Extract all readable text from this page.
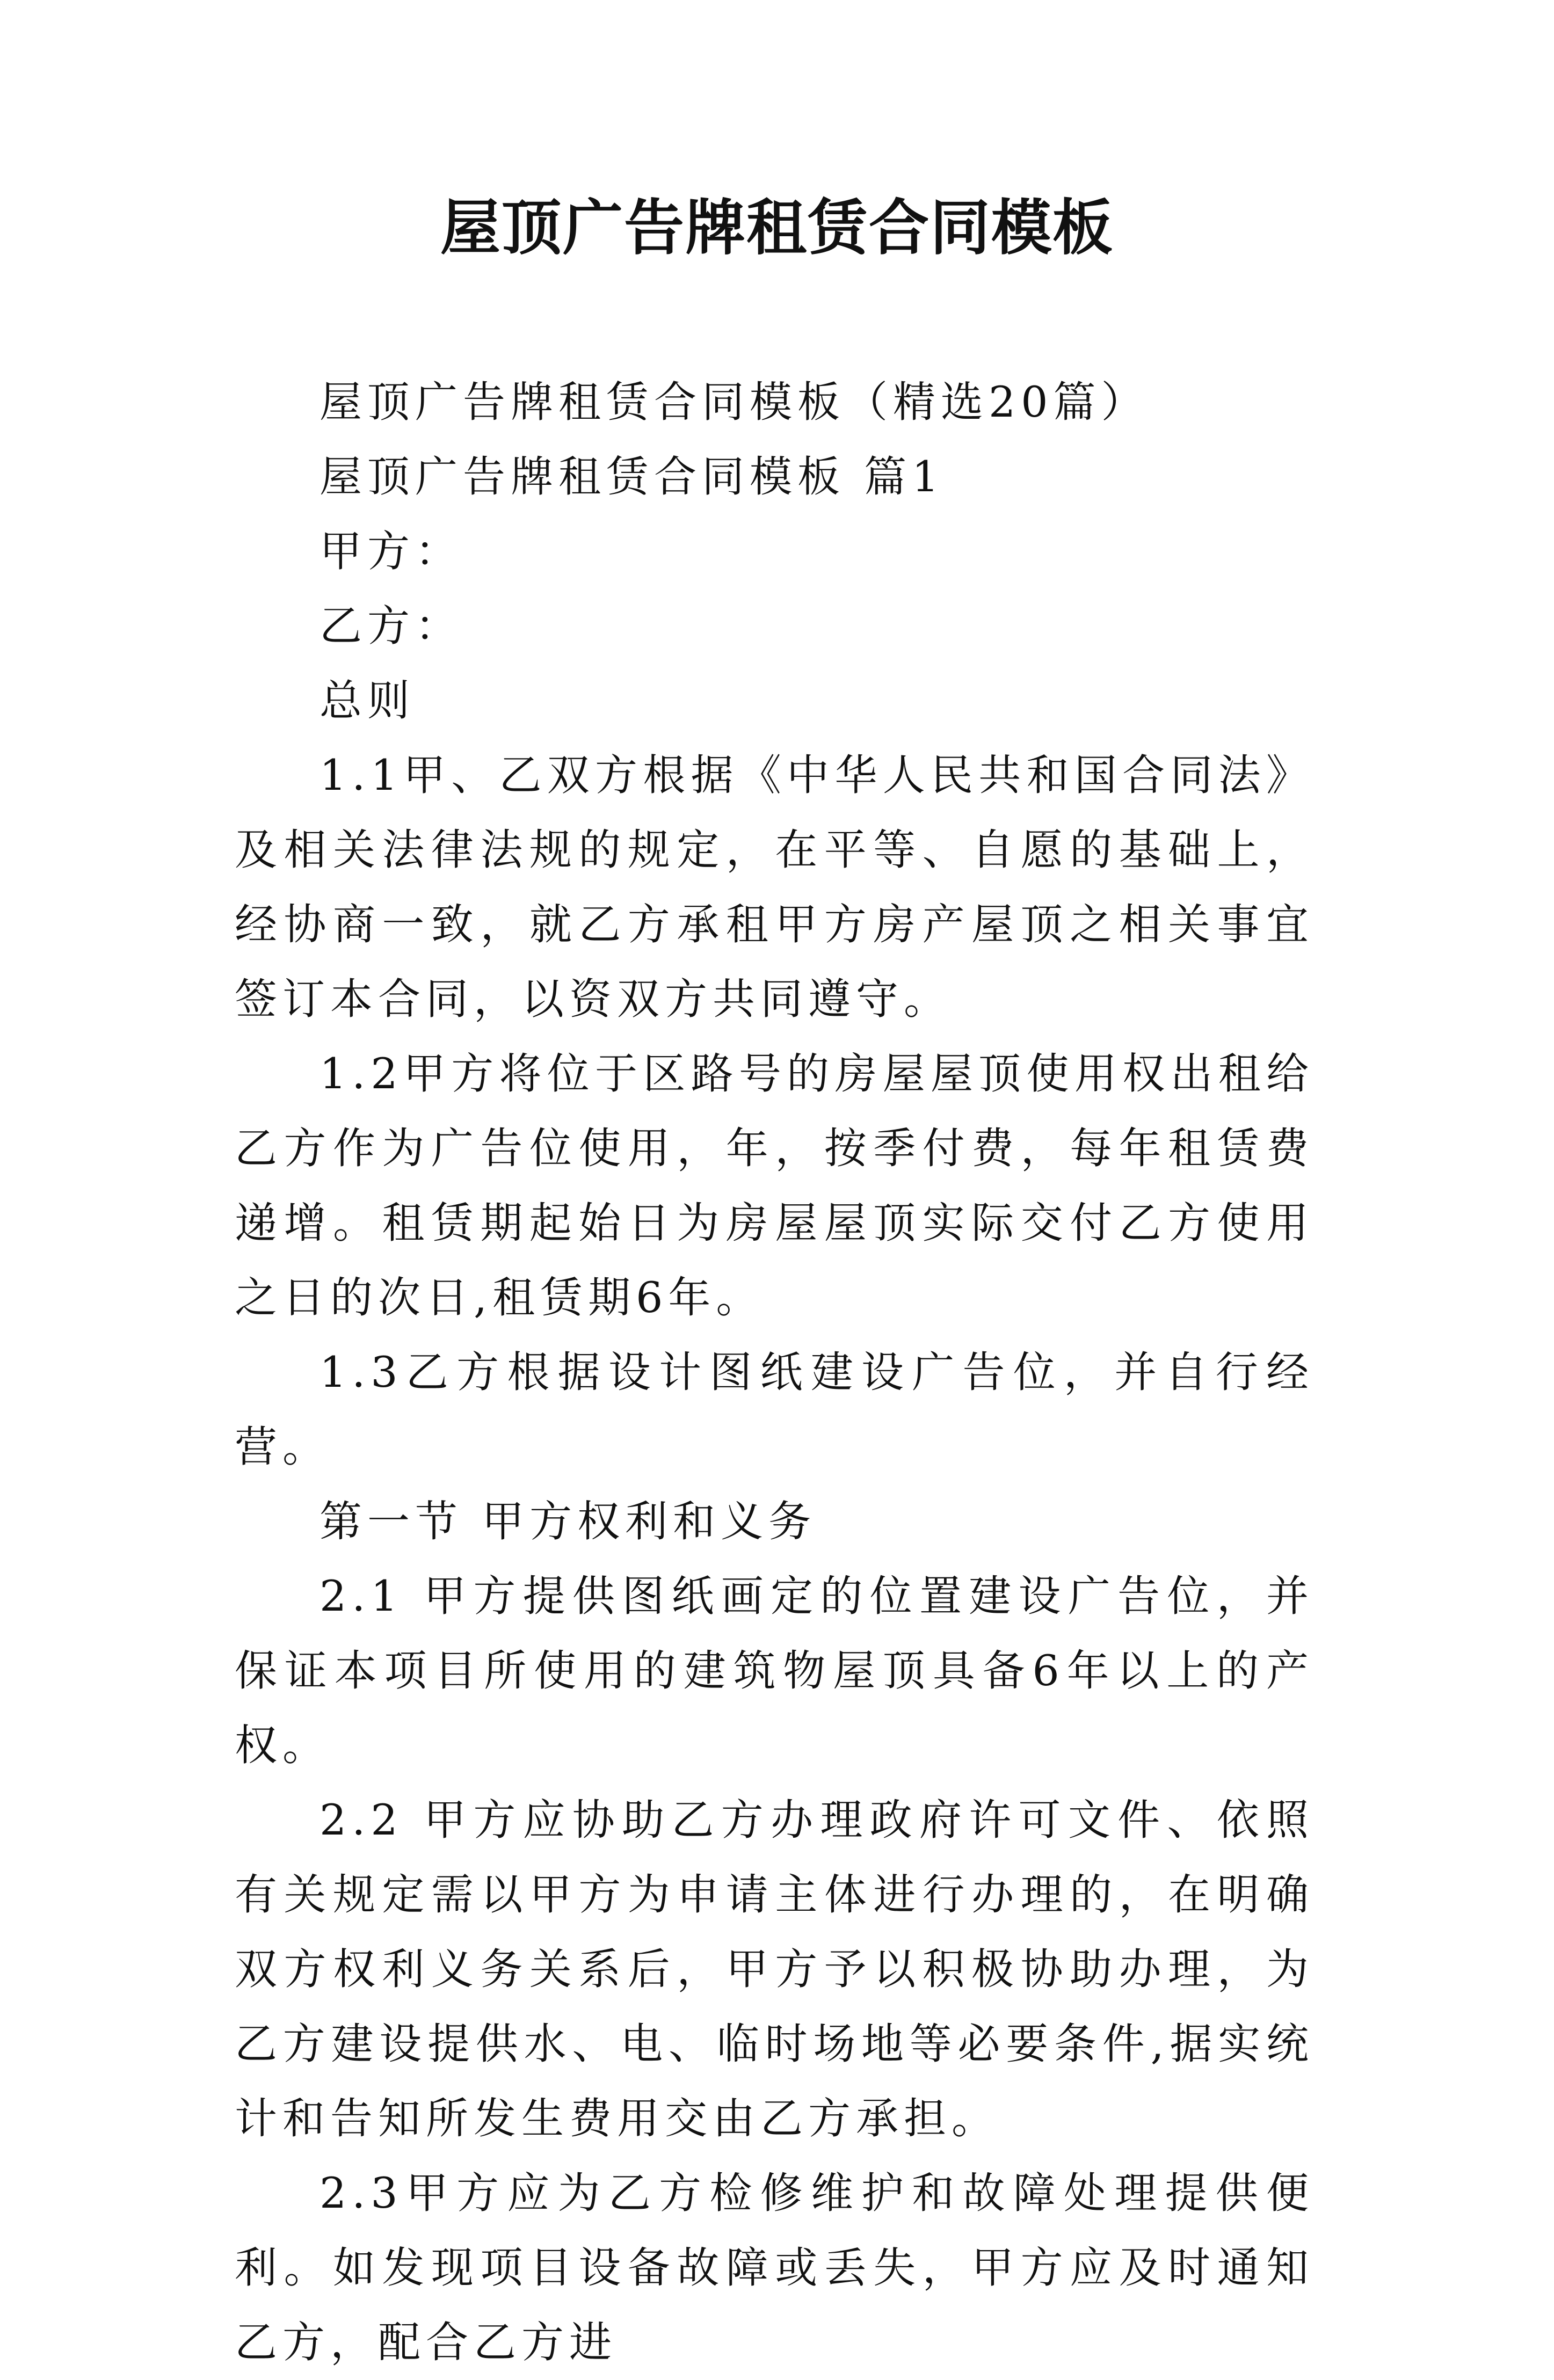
屋顶广告牌租赁合同模板

屋顶广告牌租赁合同模板（精选20篇）

屋顶广告牌租赁合同模板 篇1

甲方：

乙方：

总则

1.1甲、乙双方根据《中华人民共和国合同法》及相关法律法规的规定，在平等、自愿的基础上，经协商一致，就乙方承租甲方房产屋顶之相关事宜签订本合同，以资双方共同遵守。

1.2甲方将位于区路号的房屋屋顶使用权出租给乙方作为广告位使用，年，按季付费，每年租赁费递增。租赁期起始日为房屋屋顶实际交付乙方使用之日的次日,租赁期6年。

1.3乙方根据设计图纸建设广告位，并自行经营。

第一节 甲方权利和义务

2.1 甲方提供图纸画定的位置建设广告位，并保证本项目所使用的建筑物屋顶具备6年以上的产权。

2.2 甲方应协助乙方办理政府许可文件、依照有关规定需以甲方为申请主体进行办理的，在明确双方权利义务关系后，甲方予以积极协助办理，为乙方建设提供水、电、临时场地等必要条件,据实统计和告知所发生费用交由乙方承担。

2.3甲方应为乙方检修维护和故障处理提供便利。如发现项目设备故障或丢失，甲方应及时通知乙方，配合乙方进
